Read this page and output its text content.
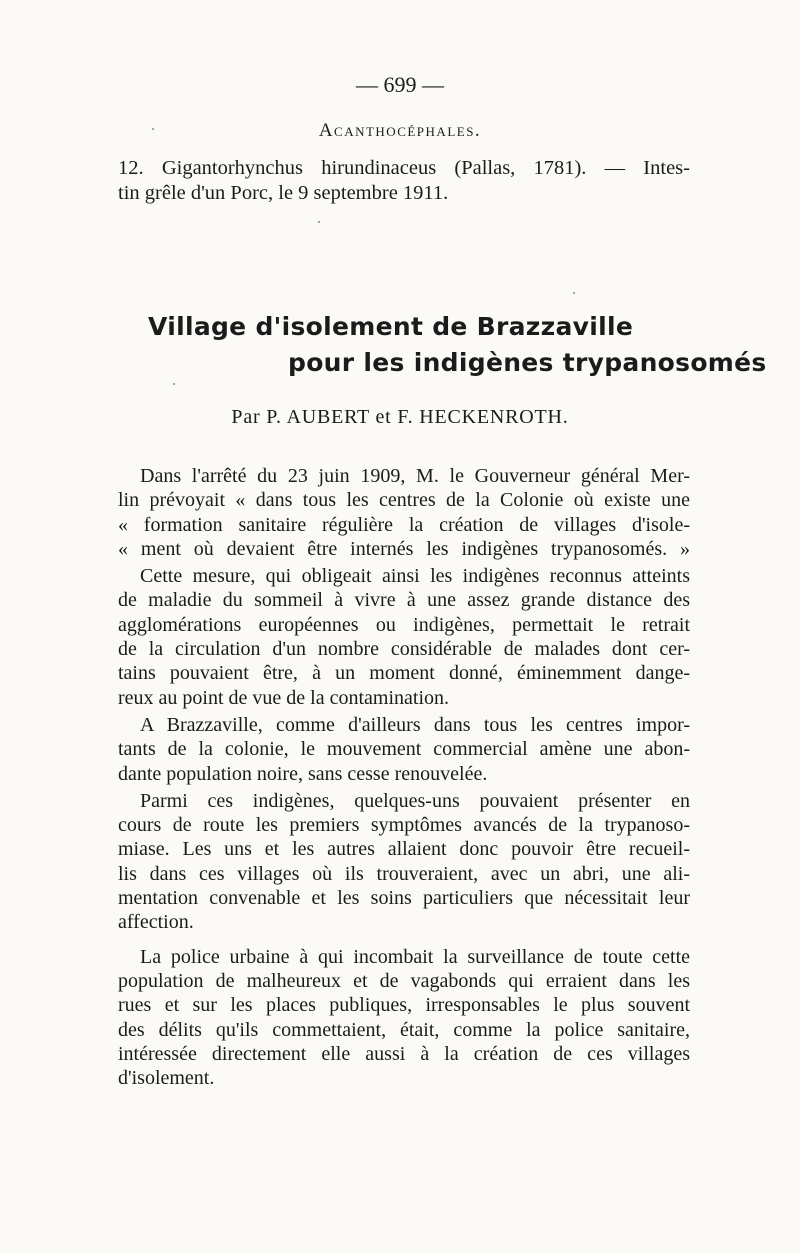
— 699 —
Acanthocéphales.

12. Gigantorhynchus hirundinaceus (Pallas, 1781). — Intes-

tin grêle d'un Porc, le 9 septembre 1911.

Village d'isolement de Brazzaville
pour les indigènes trypanosomés
Par P. AUBERT et F. HECKENROTH.

Dans l'arrêté du 23 juin 1909, M. le Gouverneur général Mer-
lin prévoyait « dans tous les centres de la Colonie où existe une
« formation sanitaire régulière la création de villages d'isole-
« ment où devaient être internés les indigènes trypanosomés. »

Cette mesure, qui obligeait ainsi les indigènes reconnus atteints
de maladie du sommeil à vivre à une assez grande distance des
agglomérations européennes ou indigènes, permettait le retrait
de la circulation d'un nombre considérable de malades dont cer-
tains pouvaient être, à un moment donné, éminemment dange-
reux au point de vue de la contamination.

A Brazzaville, comme d'ailleurs dans tous les centres impor-
tants de la colonie, le mouvement commercial amène une abon-
dante population noire, sans cesse renouvelée.

Parmi ces indigènes, quelques-uns pouvaient présenter en
cours de route les premiers symptômes avancés de la trypanoso-
miase. Les uns et les autres allaient donc pouvoir être recueil-
lis dans ces villages où ils trouveraient, avec un abri, une ali-
mentation convenable et les soins particuliers que nécessitait leur
affection.

La police urbaine à qui incombait la surveillance de toute cette
population de malheureux et de vagabonds qui erraient dans les
rues et sur les places publiques, irresponsables le plus souvent
des délits qu'ils commettaient, était, comme la police sanitaire,
intéressée directement elle aussi à la création de ces villages
d'isolement.
